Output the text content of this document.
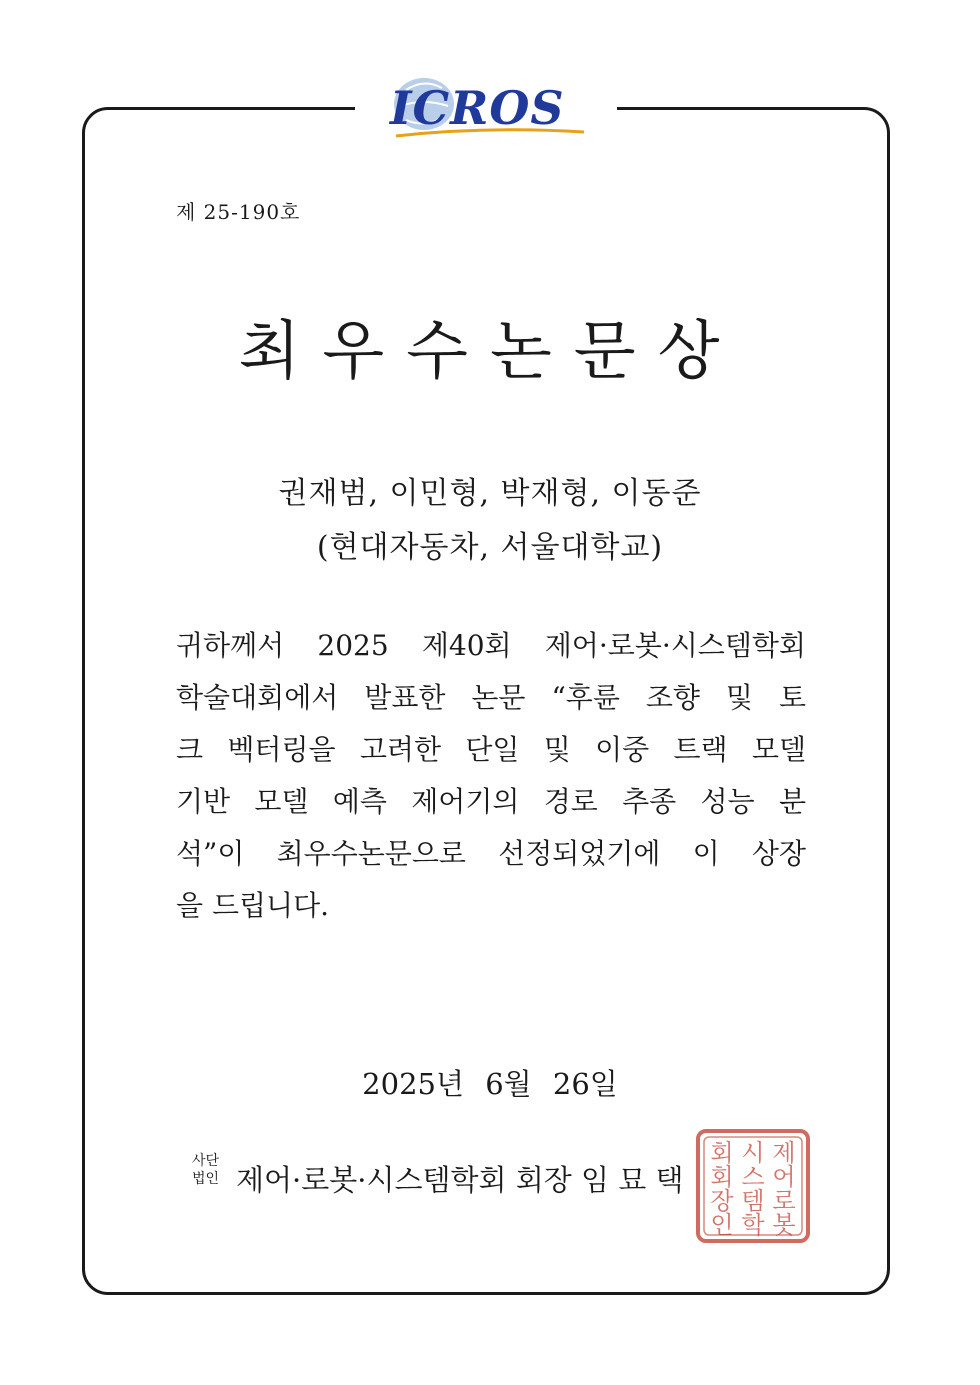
ICROS
제 25-190호
최우수논문상
권재범, 이민형, 박재형, 이동준
(현대자동차, 서울대학교)
귀하께서 2025 제40회 제어·로봇·시스템학회
학술대회에서 발표한 논문 “후륜 조향 및 토
크 벡터링을 고려한 단일 및 이중 트랙 모델
기반 모델 예측 제어기의 경로 추종 성능 분
석”이 최우수논문으로 선정되었기에 이 상장
을 드립니다.
2025년 6월 26일
사단
법인 제어·로봇·시스템학회 회장 임 묘 택
제
어
로
봇
시
스
템
학
회
회
장
인
